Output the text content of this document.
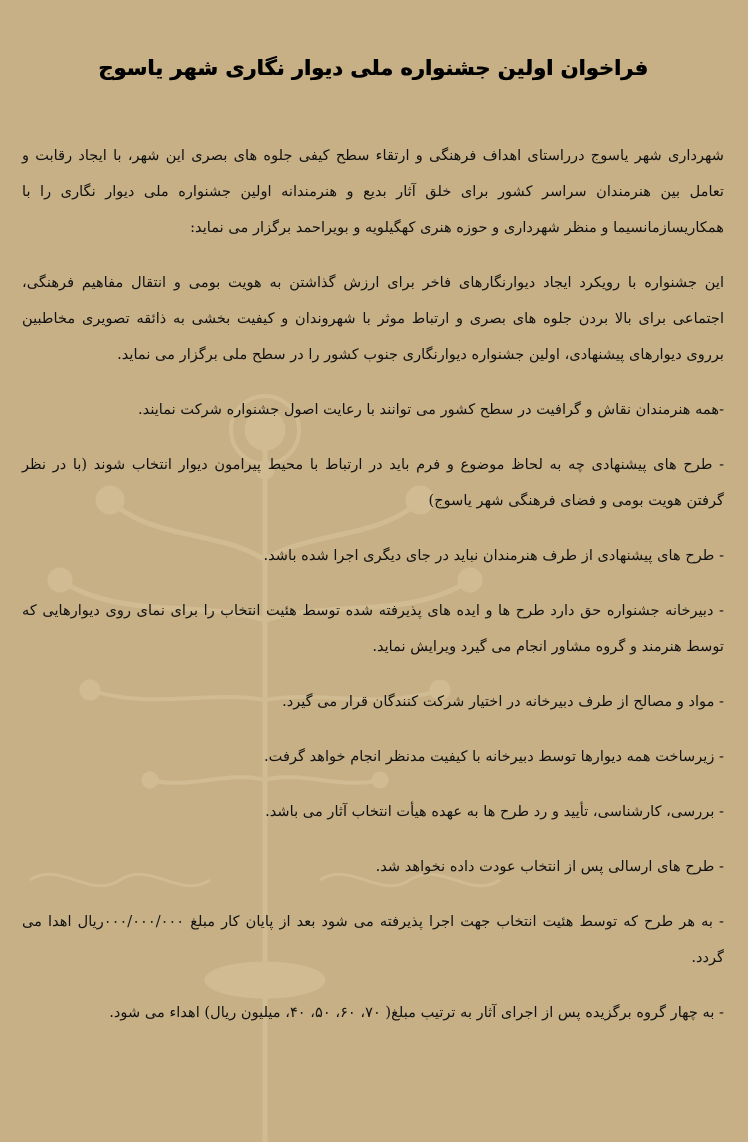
فراخوان اولین جشنواره ملی دیوار نگاری شهر یاسوج

شهرداری شهر یاسوج درراستای اهداف فرهنگی و ارتقاء سطح کیفی جلوه های بصری این شهر، با ایجاد رقابت و تعامل بین هنرمندان سراسر کشور برای خلق آثار بدیع و هنرمندانه اولین جشنواره ملی دیوار نگاری را با همکاریسازمانسیما و منظر شهرداری و حوزه هنری کهگیلویه و بویراحمد برگزار می نماید:

این جشنواره با رویکرد ایجاد دیوارنگارهای فاخر برای ارزش گذاشتن به هویت بومی و انتقال مفاهیم فرهنگی، اجتماعی برای بالا بردن جلوه های بصری و ارتباط موثر با شهروندان و کیفیت بخشی به ذائقه تصویری مخاطبین برروی دیوارهای پیشنهادی، اولین جشنواره دیوارنگاری جنوب کشور را در سطح ملی برگزار می نماید.

-همه هنرمندان نقاش و گرافیت در سطح کشور می توانند با رعایت اصول جشنواره شرکت نمایند.

- طرح های پیشنهادی چه به لحاظ موضوع و فرم باید در ارتباط با محیط پیرامون دیوار انتخاب شوند (با در نظر گرفتن هویت بومی و فضای فرهنگی شهر یاسوج)

- طرح های پیشنهادی از طرف هنرمندان نباید در جای دیگری اجرا شده باشد.

- دبیرخانه جشنواره حق دارد طرح ها و ایده های پذیرفته شده توسط هئیت انتخاب را برای نمای روی دیوارهایی که توسط هنرمند و گروه مشاور انجام می گیرد ویرایش نماید.

- مواد و مصالح از طرف دبیرخانه در اختیار شرکت کنندگان قرار می گیرد.

- زیرساخت همه دیوارها توسط دبیرخانه با کیفیت مدنظر انجام خواهد گرفت.

- بررسی، کارشناسی، تأیید و رد طرح ها به عهده هیأت انتخاب آثار می باشد.

- طرح های ارسالی پس از انتخاب عودت داده نخواهد شد.

- به هر طرح که توسط هئیت انتخاب جهت اجرا پذیرفته می شود بعد از پایان کار مبلغ ۰۰۰/۰۰۰/۰۰۰ریال اهدا می گردد.

- به چهار گروه برگزیده پس از اجرای آثار به ترتیب مبلغ( ۷۰، ۶۰، ۵۰، ۴۰، میلیون ریال) اهداء می شود.
